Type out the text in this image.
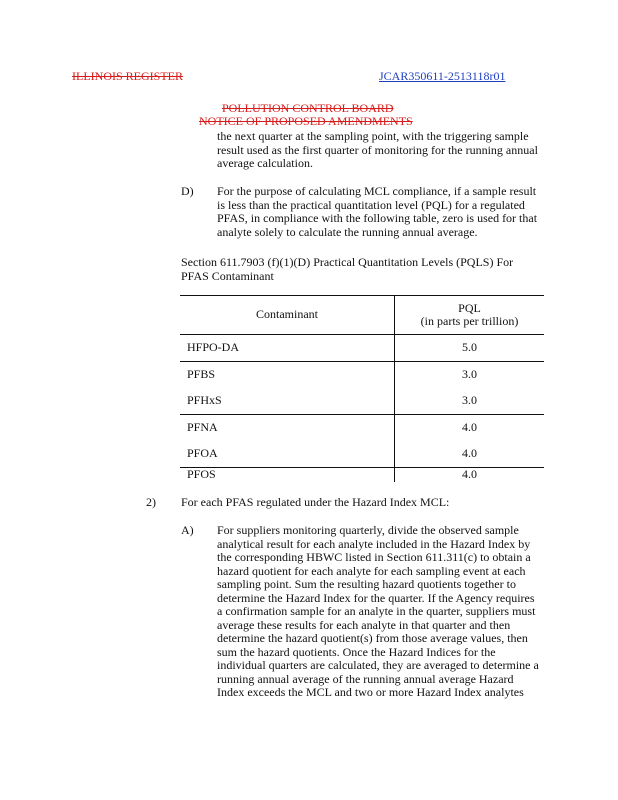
ILLINOIS REGISTER	JCAR350611-2513118r01
POLLUTION CONTROL BOARD
NOTICE OF PROPOSED AMENDMENTS
the next quarter at the sampling point, with the triggering sample
result used as the first quarter of monitoring for the running annual
average calculation.
D) For the purpose of calculating MCL compliance, if a sample result
is less than the practical quantitation level (PQL) for a regulated
PFAS, in compliance with the following table, zero is used for that
analyte solely to calculate the running annual average.
Section 611.7903 (f)(1)(D) Practical Quantitation Levels (PQLS) For
PFAS Contaminant
Contaminant	PQL
(in parts per trillion)

HFPO-DA	5.0
PFBS	3.0
PFHxS	3.0
PFNA	4.0
PFOA	4.0
PFOS	4.0
2) For each PFAS regulated under the Hazard Index MCL:
A) For suppliers monitoring quarterly, divide the observed sample
analytical result for each analyte included in the Hazard Index by
the corresponding HBWC listed in Section 611.311(c) to obtain a
hazard quotient for each analyte for each sampling event at each
sampling point. Sum the resulting hazard quotients together to
determine the Hazard Index for the quarter. If the Agency requires
a confirmation sample for an analyte in the quarter, suppliers must
average these results for each analyte in that quarter and then
determine the hazard quotient(s) from those average values, then
sum the hazard quotients. Once the Hazard Indices for the
individual quarters are calculated, they are averaged to determine a
running annual average of the running annual average Hazard
Index exceeds the MCL and two or more Hazard Index analytes
